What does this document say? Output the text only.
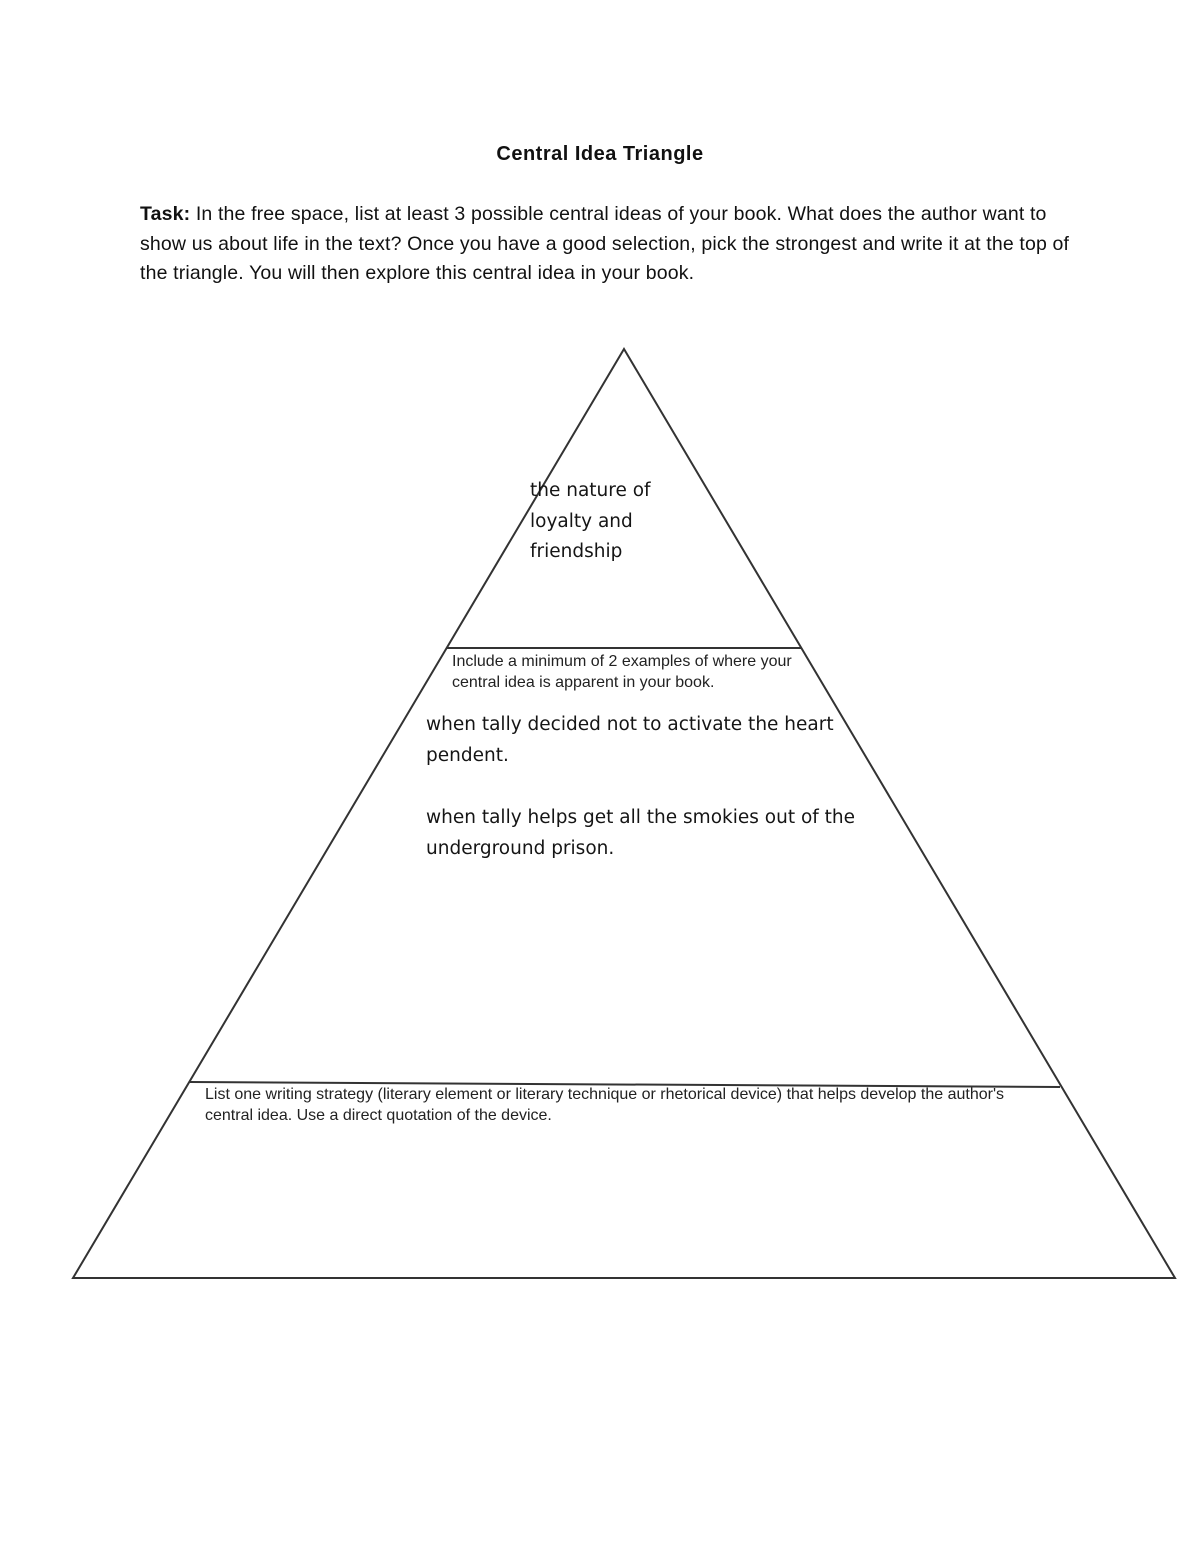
Central Idea Triangle
Task: In the free space, list at least 3 possible central ideas of your book. What does the author want to show us about life in the text? Once you have a good selection, pick the strongest and write it at the top of the triangle. You will then explore this central idea in your book.
the nature of loyalty and friendship
Include a minimum of 2 examples of where your central idea is apparent in your book.

when tally decided not to activate the heart pendent.

when tally helps get all the smokies out of the underground prison.

List one writing strategy (literary element or literary technique or rhetorical device) that helps develop the author's central idea. Use a direct quotation of the device.
